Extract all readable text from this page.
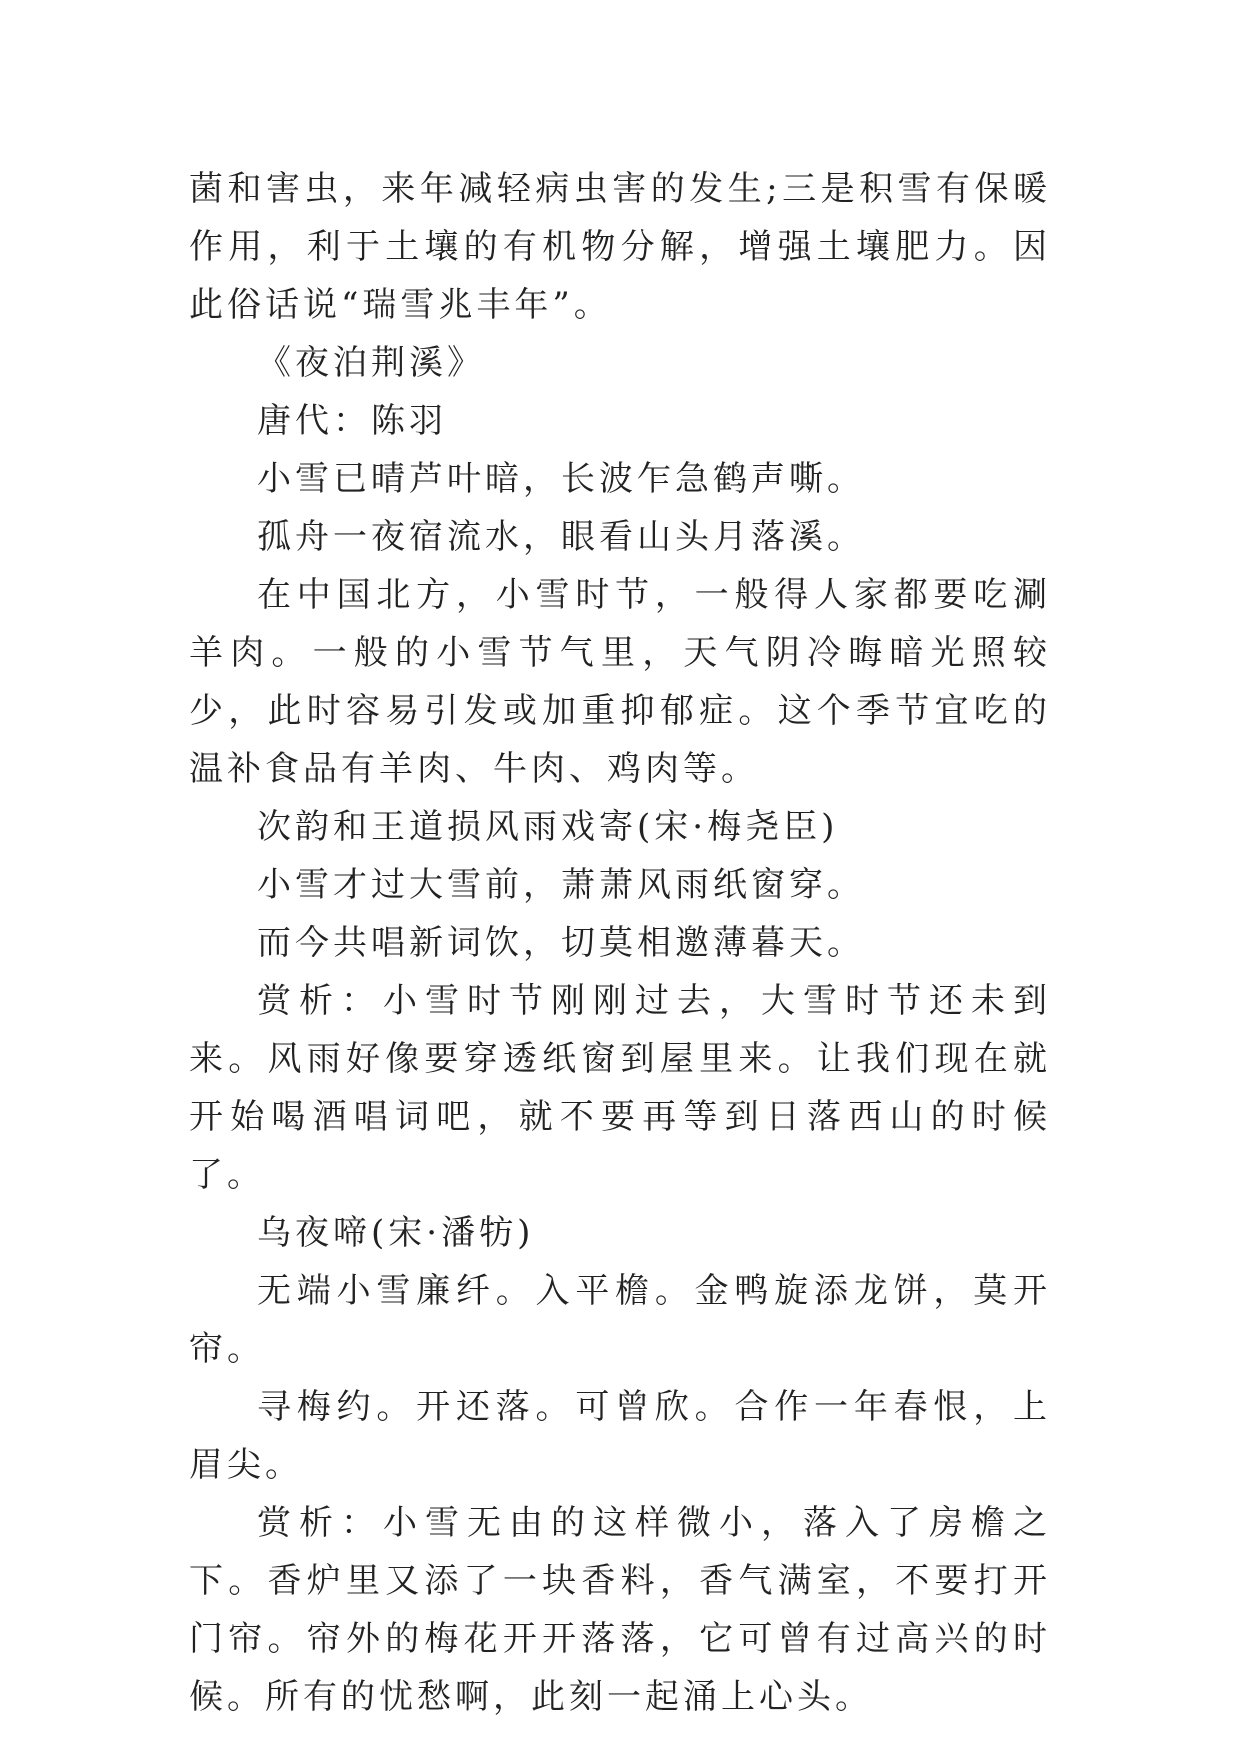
菌和害虫，来年减轻病虫害的发生;三是积雪有保暖作用，利于土壤的有机物分解，增强土壤肥力。因此俗话说“瑞雪兆丰年”。

《夜泊荆溪》

唐代：陈羽

小雪已晴芦叶暗，长波乍急鹤声嘶。

孤舟一夜宿流水，眼看山头月落溪。

在中国北方，小雪时节，一般得人家都要吃涮羊肉。一般的小雪节气里，天气阴冷晦暗光照较少，此时容易引发或加重抑郁症。这个季节宜吃的温补食品有羊肉、牛肉、鸡肉等。

次韵和王道损风雨戏寄(宋·梅尧臣)

小雪才过大雪前，萧萧风雨纸窗穿。

而今共唱新词饮，切莫相邀薄暮天。

赏析：小雪时节刚刚过去，大雪时节还未到来。风雨好像要穿透纸窗到屋里来。让我们现在就开始喝酒唱词吧，就不要再等到日落西山的时候了。

乌夜啼(宋·潘牥)

无端小雪廉纤。入平檐。金鸭旋添龙饼，莫开帘。

寻梅约。开还落。可曾欣。合作一年春恨，上眉尖。

赏析：小雪无由的这样微小，落入了房檐之下。香炉里又添了一块香料，香气满室，不要打开门帘。帘外的梅花开开落落，它可曾有过高兴的时候。所有的忧愁啊，此刻一起涌上心头。
